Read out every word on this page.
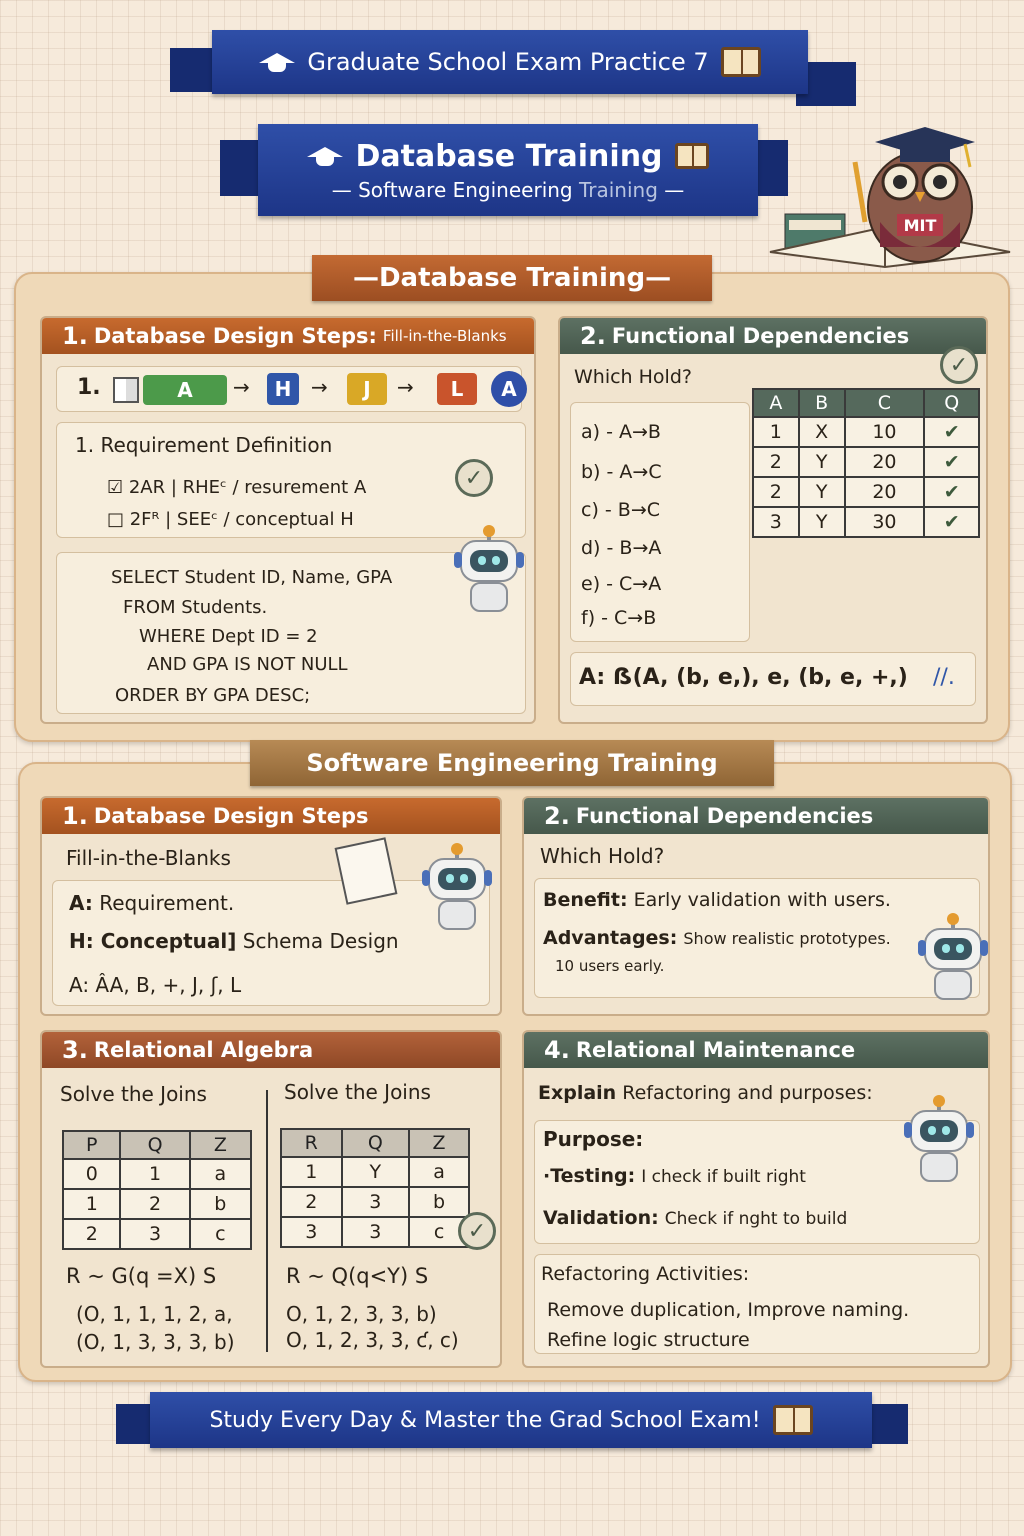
Graduate School Exam Practice 7
Database Training
— Software Engineering Training —
MIT
— Database Training —
1. Database Design Steps: Fill-in-the-Blanks
1.	A	→	H →	J	→	L	A
1. Requirement Definition
☑ 2AR | RHEᶜ / resurement A
□ 2Fᴿ | SEEᶜ / conceptual H
✓
SELECT Student ID, Name, GPA
FROM Students.
WHERE Dept ID = 2
AND GPA IS NOT NULL
ORDER BY GPA DESC;
2. Functional Dependencies
✓
Which Hold?
a) - A→B
b) - A→C
c) - B→C
d) - B→A
e) - C→A
f) - C→B
A	B	C	Q
1	X	10	✔
2	Y	20	✔
2	Y	20	✔
3	Y	30	✔
A: ẞ(A, (b, e,), e, (b, e, +,) //.
Software Engineering Training
1. Database Design Steps
Fill-in-the-Blanks
A: Requirement.
H: Conceptual] Schema Design
A: ÂA, B, +, J, ʃ, L
2. Functional Dependencies
Which Hold?
Benefit: Early validation with users.
Advantages: Show realistic prototypes.
10 users early.
3. Relational Algebra
Solve the Joins	Solve the Joins
P	Q	Z
0	1	a
1	2	b
2	3	c
R	Q	Z
1	Y	a
2	3	b
3	3	c	✓
R ∼ G(q =X) S	R ∼ Q(q<Y) S
(O, 1, 1, 1, 2, a,
(O, 1, 3, 3, 3, b)
O, 1, 2, 3, 3, b)
O, 1, 2, 3, 3, ƈ, c)
4. Relational Maintenance
Explain Refactoring and purposes:
Purpose:
·Testing: I check if built right
Validation: Check if nght to build
Refactoring Activities:
Remove duplication, Improve naming.
Refine logic structure
Study Every Day & Master the Grad School Exam!
